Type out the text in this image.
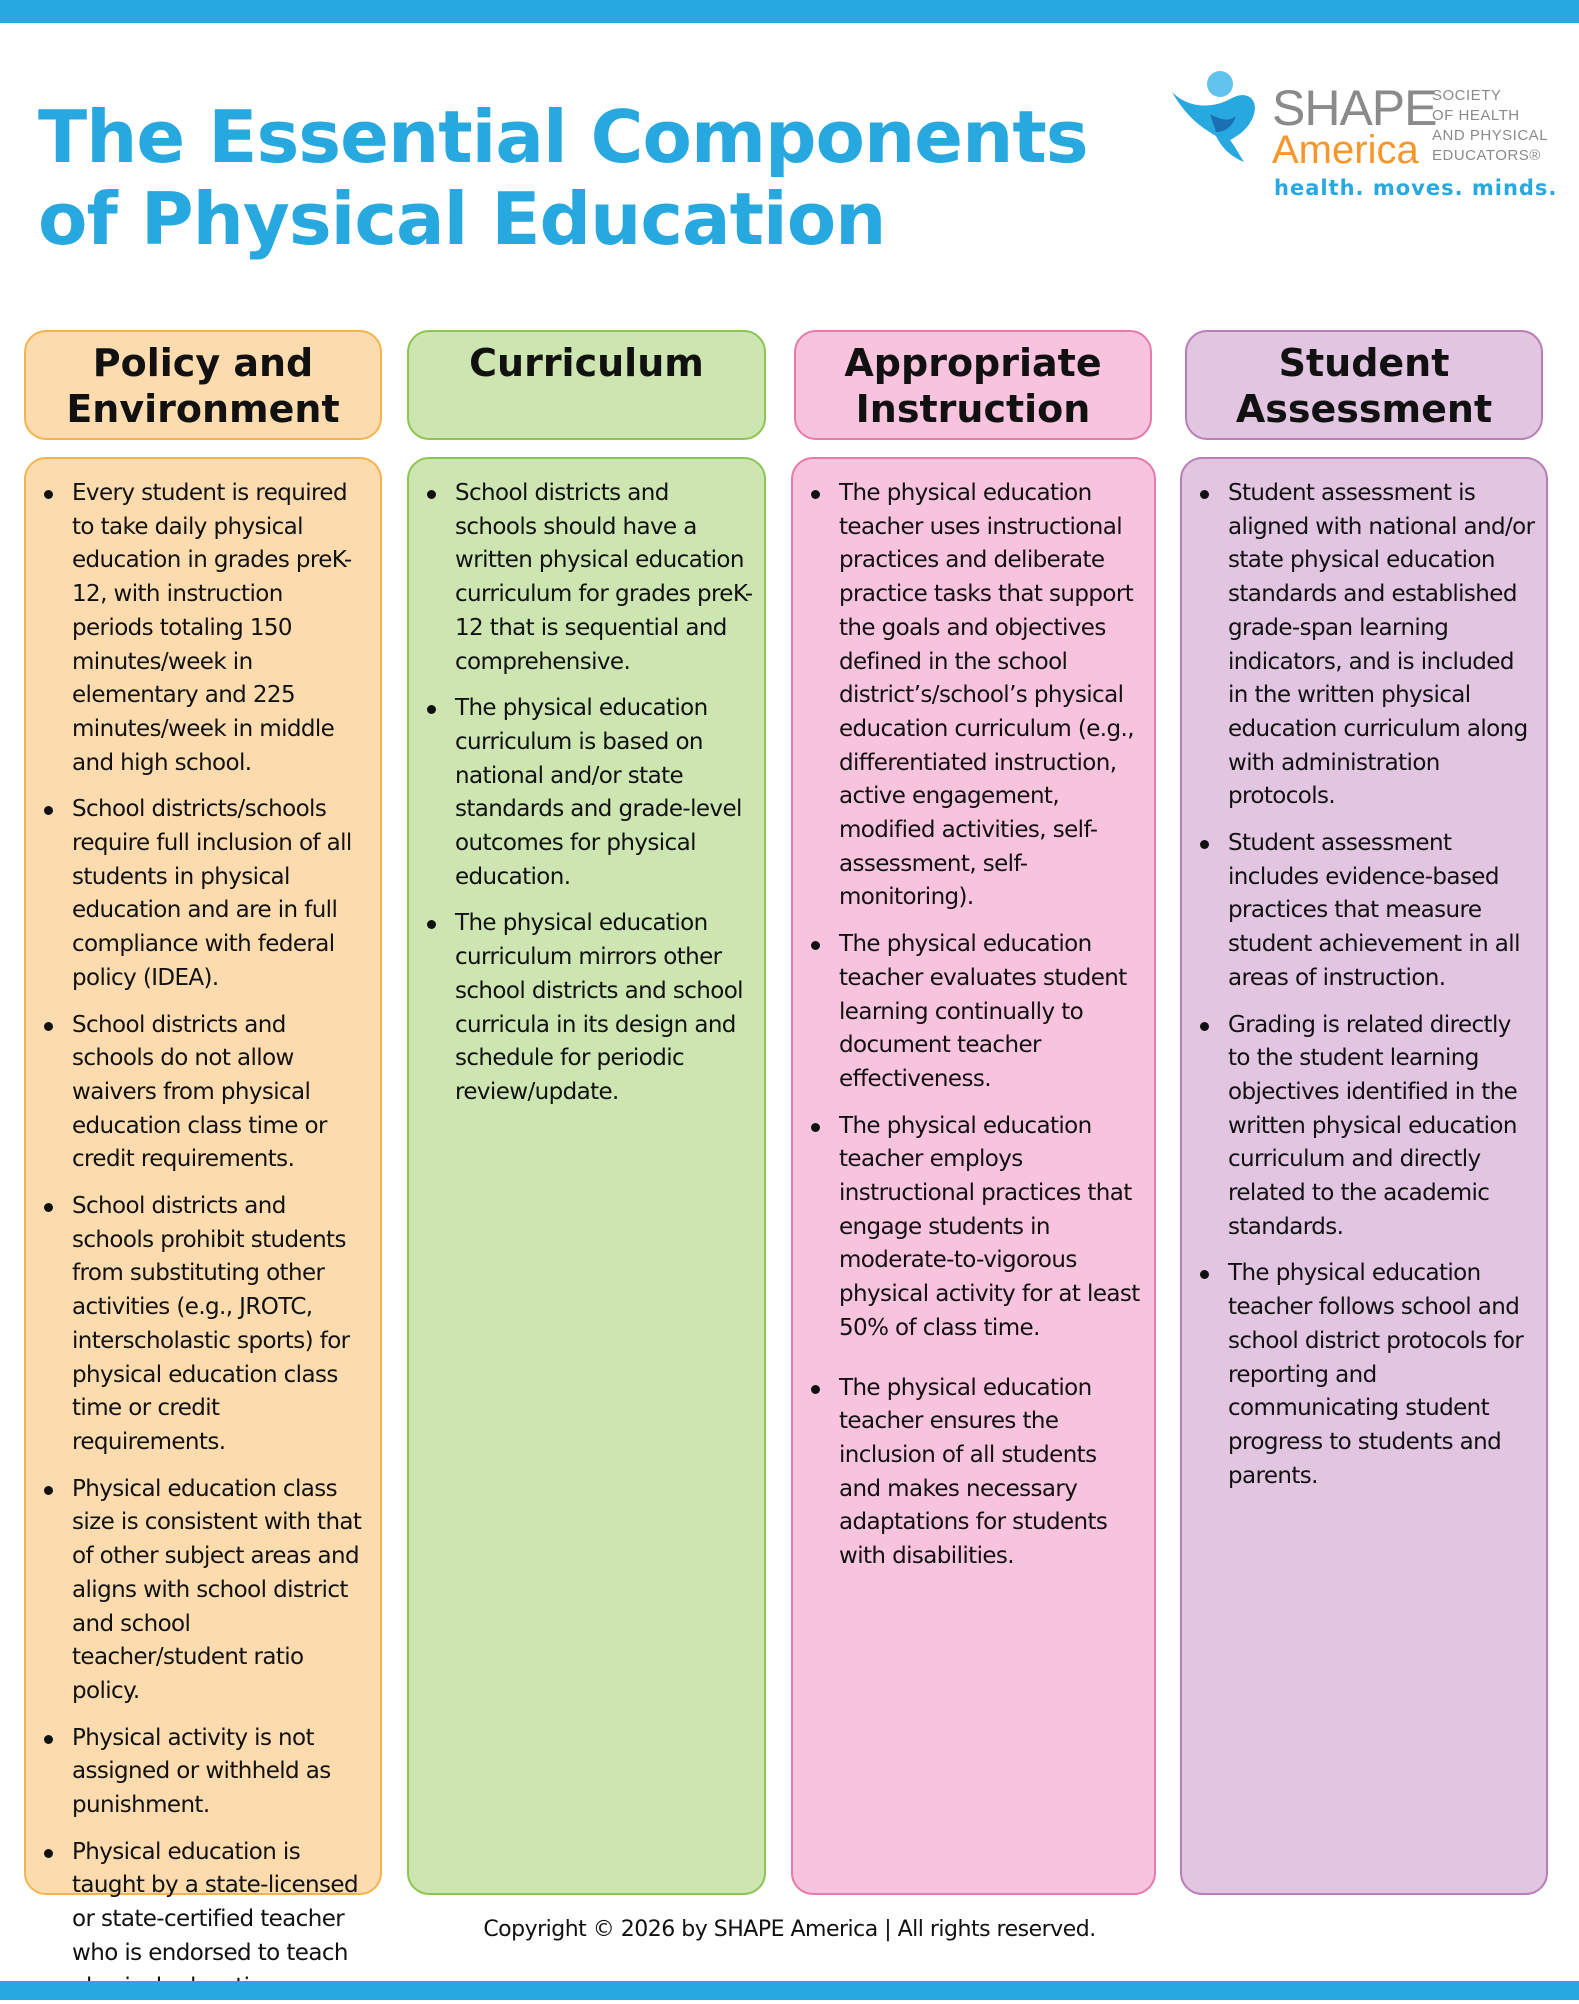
The Essential Components
of Physical Education
SHAPE
America
SOCIETY
OF HEALTH
AND PHYSICAL
EDUCATORS®
health. moves. minds.
Policy and
Environment
Curriculum	Appropriate
Instruction
Student
Assessment
Every student is required to take daily physical education in grades preK-12, with instruction periods totaling 150 minutes/week in elementary and 225 minutes/week in middle and high school.
School districts/schools require full inclusion of all students in physical education and are in full compliance with federal policy (IDEA).
School districts and schools do not allow waivers from physical education class time or credit requirements.
School districts and schools prohibit students from substituting other activities (e.g., JROTC, interscholastic sports) for physical education class time or credit requirements.
Physical education class size is consistent with that of other subject areas and aligns with school district and school teacher/student ratio policy.
Physical activity is not assigned or withheld as punishment.
Physical education is taught by a state-licensed or state-certified teacher who is endorsed to teach
School districts and schools should have a written physical education curriculum for grades preK-12 that is sequential and comprehensive.
The physical education curriculum is based on national and/or state standards and grade-level outcomes for physical education.
The physical education curriculum mirrors other school districts and school curricula in its design and schedule for periodic review/update.
The physical education teacher uses instructional practices and deliberate practice tasks that support the goals and objectives defined in the school district’s/school’s physical education curriculum (e.g., differentiated instruction, active engagement, modified activities, self-assessment, self-monitoring).
The physical education teacher evaluates student learning continually to document teacher effectiveness.
The physical education teacher employs instructional practices that engage students in moderate-to-vigorous physical activity for at least 50% of class time.
The physical education teacher ensures the inclusion of all students and makes necessary adaptations for students with disabilities.
Student assessment is aligned with national and/or state physical education standards and established grade-span learning indicators, and is included in the written physical education curriculum along with administration protocols.
Student assessment includes evidence-based practices that measure student achievement in all areas of instruction.
Grading is related directly to the student learning objectives identified in the written physical education curriculum and directly related to the academic standards.
The physical education teacher follows school and school district protocols for reporting and communicating student progress to students and parents.
Copyright © 2026 by SHAPE America | All rights reserved.
